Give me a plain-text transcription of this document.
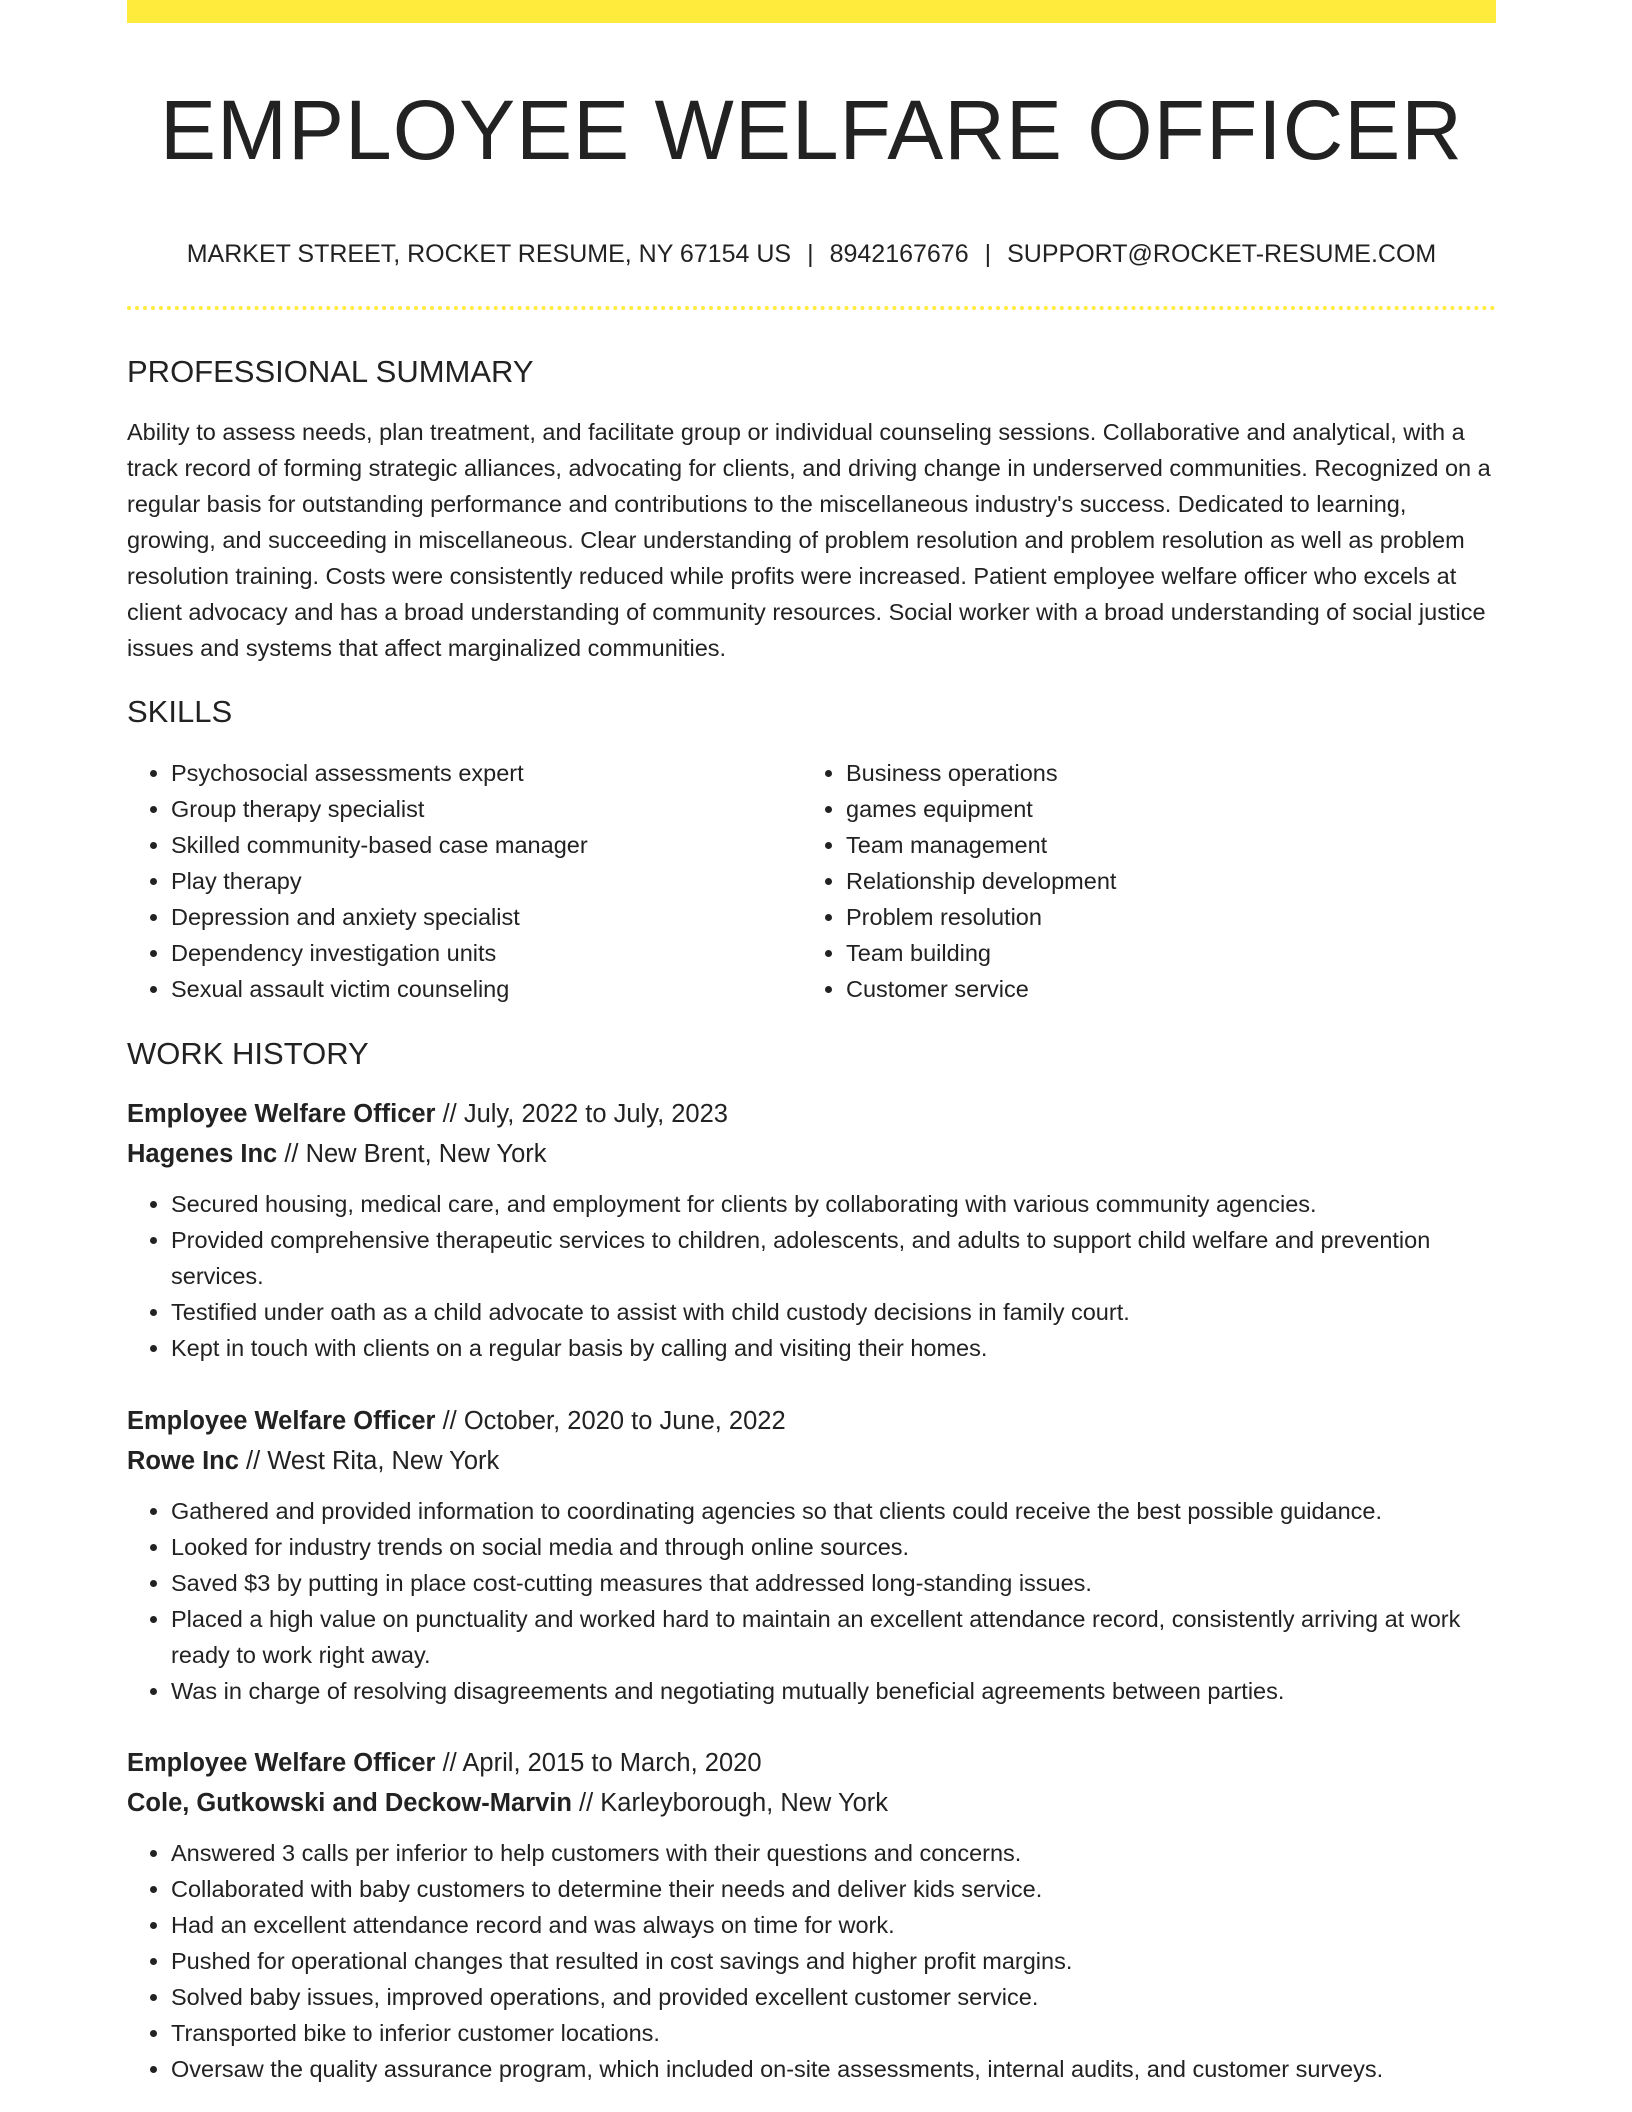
EMPLOYEE WELFARE OFFICER
MARKET STREET, ROCKET RESUME, NY 67154 US | 8942167676 | SUPPORT@ROCKET-RESUME.COM
PROFESSIONAL SUMMARY

Ability to assess needs, plan treatment, and facilitate group or individual counseling sessions. Collaborative and analytical, with a track record of forming strategic alliances, advocating for clients, and driving change in underserved communities. Recognized on a regular basis for outstanding performance and contributions to the miscellaneous industry's success. Dedicated to learning, growing, and succeeding in miscellaneous. Clear understanding of problem resolution and problem resolution as well as problem resolution training. Costs were consistently reduced while profits were increased. Patient employee welfare officer who excels at client advocacy and has a broad understanding of community resources. Social worker with a broad understanding of social justice issues and systems that affect marginalized communities.

SKILLS
• Psychosocial assessments expert
• Group therapy specialist
• Skilled community-based case manager
• Play therapy
• Depression and anxiety specialist
• Dependency investigation units
• Sexual assault victim counseling
• Business operations
• games equipment
• Team management
• Relationship development
• Problem resolution
• Team building
• Customer service
WORK HISTORY

Employee Welfare Officer // July, 2022 to July, 2023

Hagenes Inc // New Brent, New York

• Secured housing, medical care, and employment for clients by collaborating with various community agencies.
• Provided comprehensive therapeutic services to children, adolescents, and adults to support child welfare and prevention services.
• Testified under oath as a child advocate to assist with child custody decisions in family court.
• Kept in touch with clients on a regular basis by calling and visiting their homes.

Employee Welfare Officer // October, 2020 to June, 2022

Rowe Inc // West Rita, New York

• Gathered and provided information to coordinating agencies so that clients could receive the best possible guidance.
• Looked for industry trends on social media and through online sources.
• Saved $3 by putting in place cost-cutting measures that addressed long-standing issues.
• Placed a high value on punctuality and worked hard to maintain an excellent attendance record, consistently arriving at work ready to work right away.
• Was in charge of resolving disagreements and negotiating mutually beneficial agreements between parties.

Employee Welfare Officer // April, 2015 to March, 2020

Cole, Gutkowski and Deckow-Marvin // Karleyborough, New York

• Answered 3 calls per inferior to help customers with their questions and concerns.
• Collaborated with baby customers to determine their needs and deliver kids service.
• Had an excellent attendance record and was always on time for work.
• Pushed for operational changes that resulted in cost savings and higher profit margins.
• Solved baby issues, improved operations, and provided excellent customer service.
• Transported bike to inferior customer locations.
• Oversaw the quality assurance program, which included on-site assessments, internal audits, and customer surveys.
